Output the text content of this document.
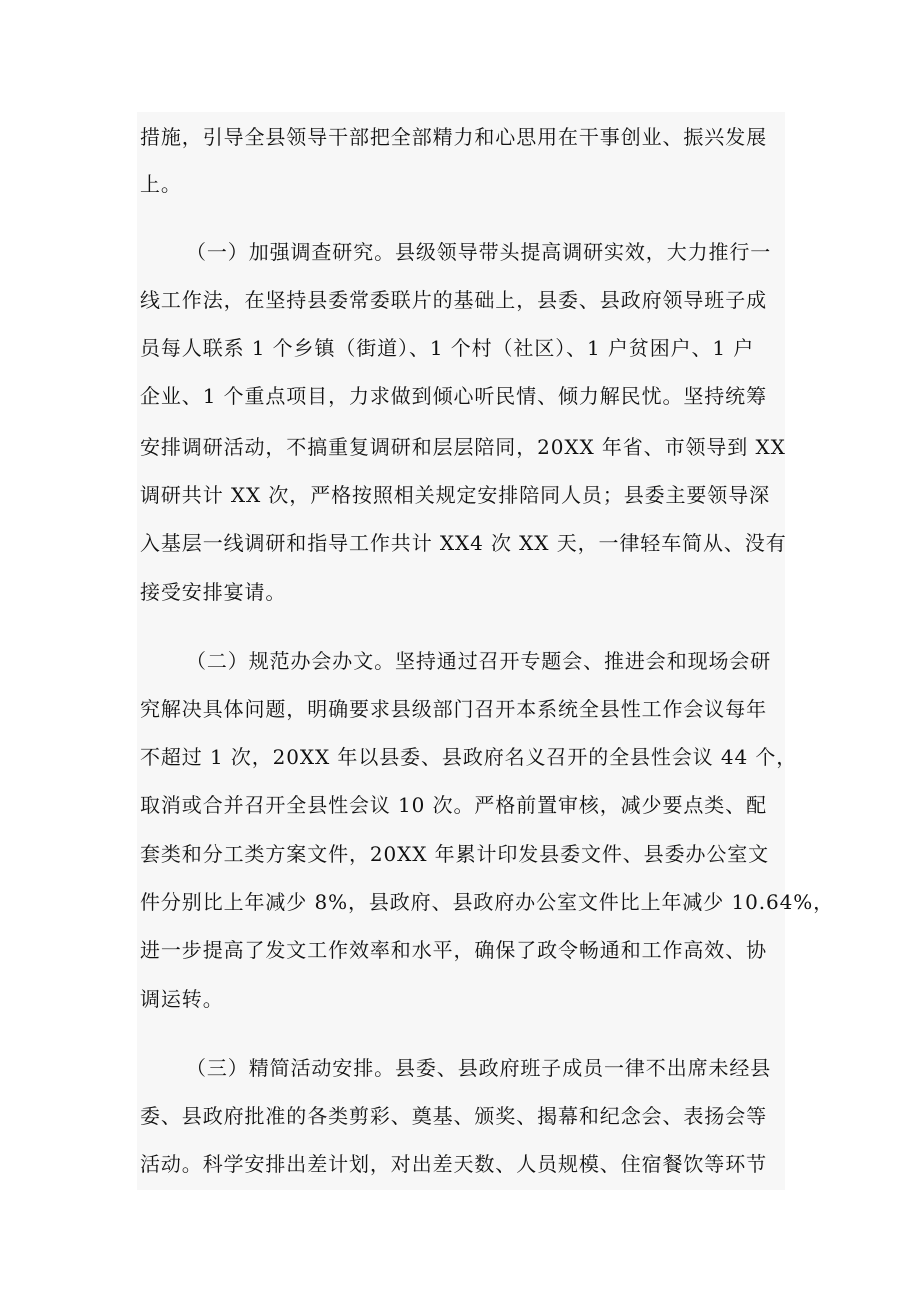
措施，引导全县领导干部把全部精力和心思用在干事创业、振兴发展
上。
（一）加强调查研究。县级领导带头提高调研实效，大力推行一
线工作法，在坚持县委常委联片的基础上，县委、县政府领导班子成
员每人联系 1 个乡镇（街道）、1 个村（社区）、1 户贫困户、1 户
企业、1 个重点项目，力求做到倾心听民情、倾力解民忧。坚持统筹
安排调研活动，不搞重复调研和层层陪同，20XX 年省、市领导到 XX
调研共计 XX 次，严格按照相关规定安排陪同人员；县委主要领导深
入基层一线调研和指导工作共计 XX4 次 XX 天，一律轻车简从、没有
接受安排宴请。
（二）规范办会办文。坚持通过召开专题会、推进会和现场会研
究解决具体问题，明确要求县级部门召开本系统全县性工作会议每年
不超过 1 次，20XX 年以县委、县政府名义召开的全县性会议 44 个，
取消或合并召开全县性会议 10 次。严格前置审核，减少要点类、配
套类和分工类方案文件，20XX 年累计印发县委文件、县委办公室文
件分别比上年减少 8%，县政府、县政府办公室文件比上年减少 10.64%，
进一步提高了发文工作效率和水平，确保了政令畅通和工作高效、协
调运转。
（三）精简活动安排。县委、县政府班子成员一律不出席未经县
委、县政府批准的各类剪彩、奠基、颁奖、揭幕和纪念会、表扬会等
活动。科学安排出差计划，对出差天数、人员规模、住宿餐饮等环节
